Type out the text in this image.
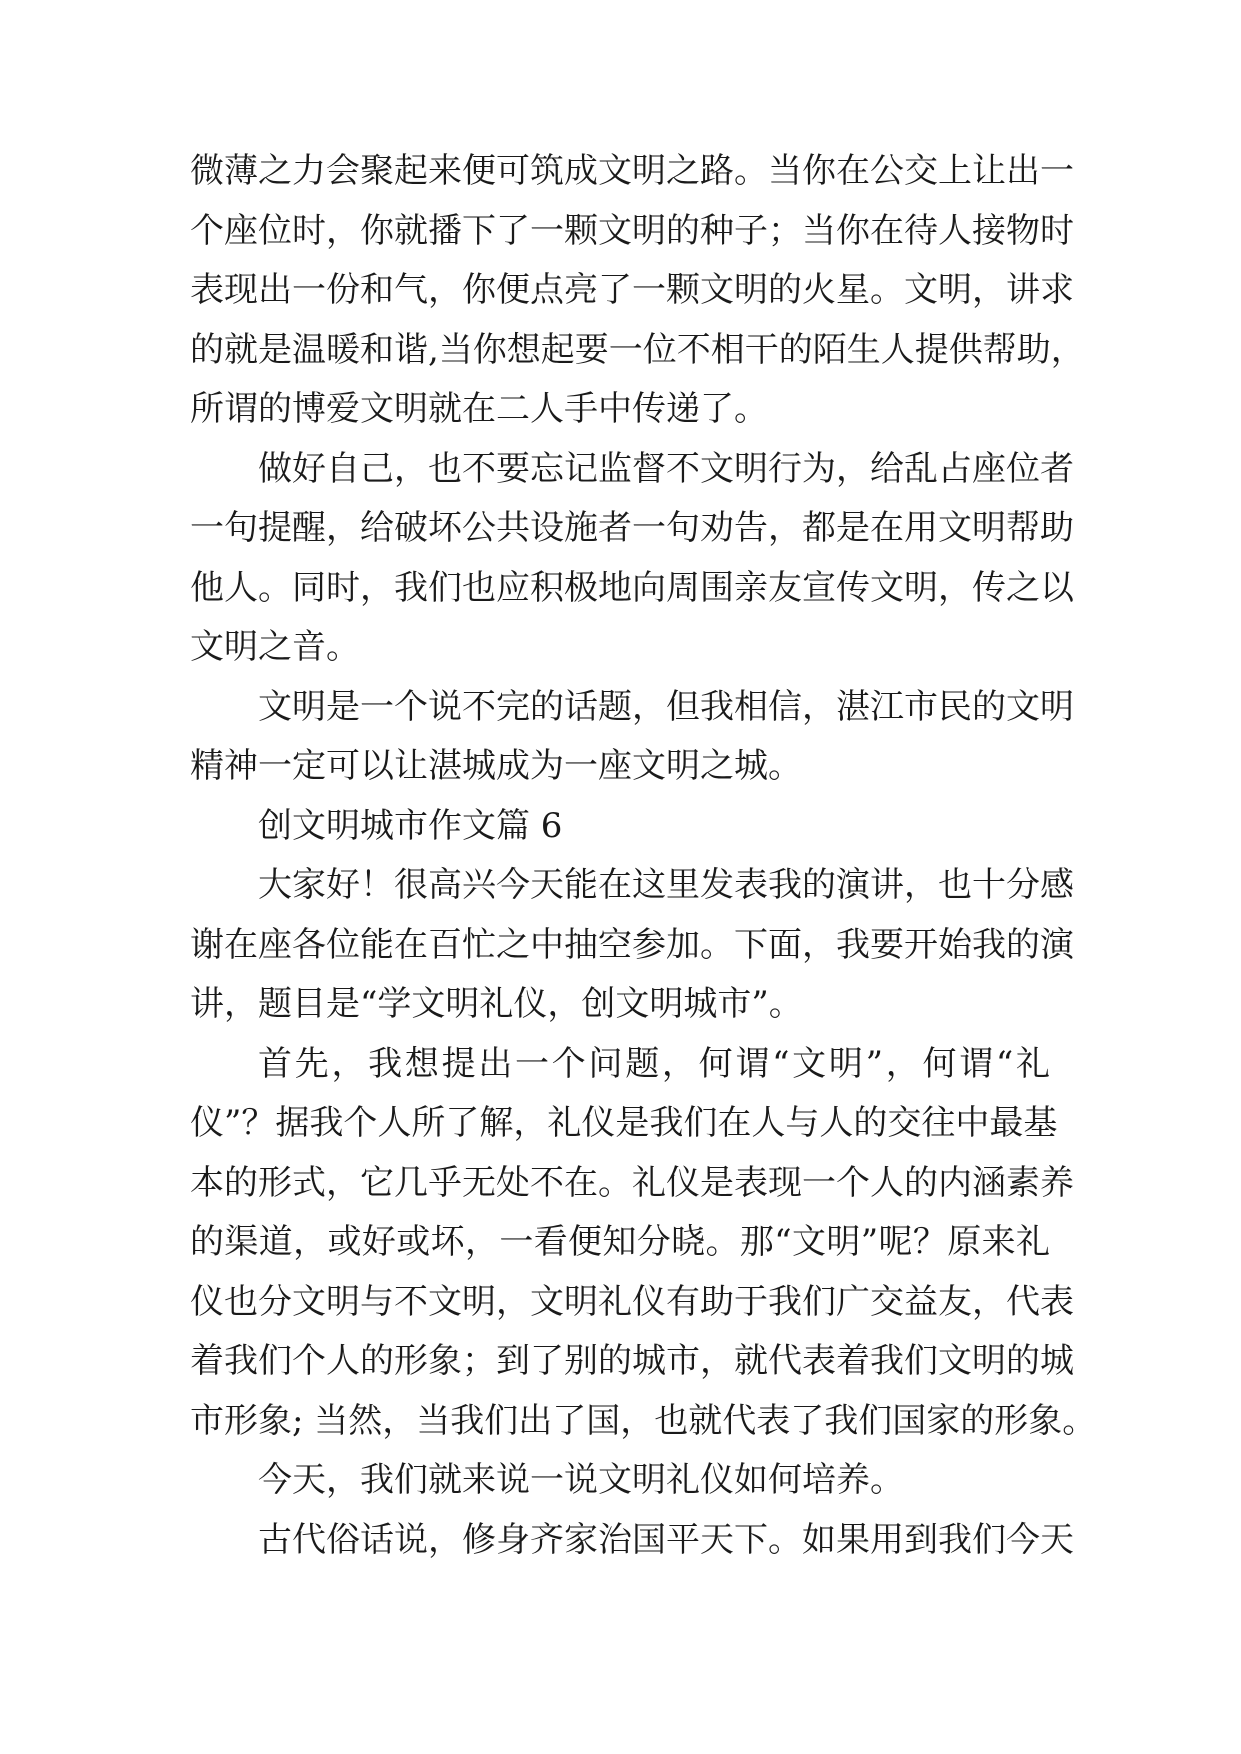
微薄之力会聚起来便可筑成文明之路。当你在公交上让出一
个座位时，你就播下了一颗文明的种子；当你在待人接物时
表现出一份和气，你便点亮了一颗文明的火星。文明，讲求
的就是温暖和谐,当你想起要一位不相干的陌生人提供帮助，
所谓的博爱文明就在二人手中传递了。
做好自己，也不要忘记监督不文明行为，给乱占座位者
一句提醒，给破坏公共设施者一句劝告，都是在用文明帮助
他人。同时，我们也应积极地向周围亲友宣传文明，传之以
文明之音。
文明是一个说不完的话题，但我相信，湛江市民的文明
精神一定可以让湛城成为一座文明之城。
创文明城市作文篇 6
大家好！很高兴今天能在这里发表我的演讲，也十分感
谢在座各位能在百忙之中抽空参加。下面，我要开始我的演
讲，题目是“学文明礼仪，创文明城市”。
首先，我想提出一个问题，何谓“文明”，何谓“礼
仪”？据我个人所了解，礼仪是我们在人与人的交往中最基
本的形式，它几乎无处不在。礼仪是表现一个人的内涵素养
的渠道，或好或坏，一看便知分晓。那“文明”呢？原来礼
仪也分文明与不文明，文明礼仪有助于我们广交益友，代表
着我们个人的形象；到了别的城市，就代表着我们文明的城
市形象; 当然，当我们出了国，也就代表了我们国家的形象。
今天，我们就来说一说文明礼仪如何培养。
古代俗话说，修身齐家治国平天下。如果用到我们今天
